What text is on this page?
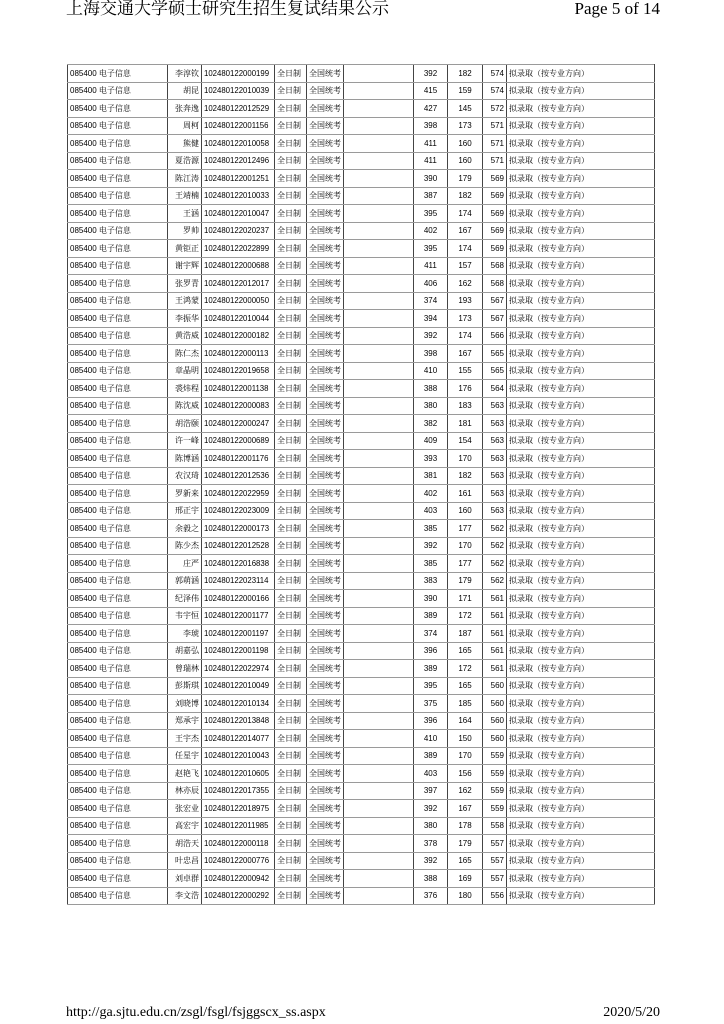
上海交通大学硕士研究生招生复试结果公示	Page 5 of 14
085400 电子信息	李淳钦	102480122000199	全日制	全国统考		392	182	574	拟录取（按专业方向）
085400 电子信息	胡昆	102480122010039	全日制	全国统考		415	159	574	拟录取（按专业方向）
085400 电子信息	张奔逸	102480122012529	全日制	全国统考		427	145	572	拟录取（按专业方向）
085400 电子信息	周柯	102480122001156	全日制	全国统考		398	173	571	拟录取（按专业方向）
085400 电子信息	熊健	102480122010058	全日制	全国统考		411	160	571	拟录取（按专业方向）
085400 电子信息	夏浩源	102480122012496	全日制	全国统考		411	160	571	拟录取（按专业方向）
085400 电子信息	陈江涛	102480122001251	全日制	全国统考		390	179	569	拟录取（按专业方向）
085400 电子信息	王靖楠	102480122010033	全日制	全国统考		387	182	569	拟录取（按专业方向）
085400 电子信息	王涵	102480122010047	全日制	全国统考		395	174	569	拟录取（按专业方向）
085400 电子信息	罗帅	102480122020237	全日制	全国统考		402	167	569	拟录取（按专业方向）
085400 电子信息	黄钜正	102480122022899	全日制	全国统考		395	174	569	拟录取（按专业方向）
085400 电子信息	谢宇辉	102480122000688	全日制	全国统考		411	157	568	拟录取（按专业方向）
085400 电子信息	张罗青	102480122012017	全日制	全国统考		406	162	568	拟录取（按专业方向）
085400 电子信息	王鸿蒙	102480122000050	全日制	全国统考		374	193	567	拟录取（按专业方向）
085400 电子信息	李振华	102480122010044	全日制	全国统考		394	173	567	拟录取（按专业方向）
085400 电子信息	黄浩威	102480122000182	全日制	全国统考		392	174	566	拟录取（按专业方向）
085400 电子信息	陈仁杰	102480122000113	全日制	全国统考		398	167	565	拟录取（按专业方向）
085400 电子信息	章晶明	102480122019658	全日制	全国统考		410	155	565	拟录取（按专业方向）
085400 电子信息	裘炜程	102480122001138	全日制	全国统考		388	176	564	拟录取（按专业方向）
085400 电子信息	陈沈威	102480122000083	全日制	全国统考		380	183	563	拟录取（按专业方向）
085400 电子信息	胡浩颐	102480122000247	全日制	全国统考		382	181	563	拟录取（按专业方向）
085400 电子信息	许一峰	102480122000689	全日制	全国统考		409	154	563	拟录取（按专业方向）
085400 电子信息	陈博涵	102480122001176	全日制	全国统考		393	170	563	拟录取（按专业方向）
085400 电子信息	农汉琦	102480122012536	全日制	全国统考		381	182	563	拟录取（按专业方向）
085400 电子信息	罗新来	102480122022959	全日制	全国统考		402	161	563	拟录取（按专业方向）
085400 电子信息	邢正宇	102480122023009	全日制	全国统考		403	160	563	拟录取（按专业方向）
085400 电子信息	余毅之	102480122000173	全日制	全国统考		385	177	562	拟录取（按专业方向）
085400 电子信息	陈少杰	102480122012528	全日制	全国统考		392	170	562	拟录取（按专业方向）
085400 电子信息	庄严	102480122016838	全日制	全国统考		385	177	562	拟录取（按专业方向）
085400 电子信息	郭萌涵	102480122023114	全日制	全国统考		383	179	562	拟录取（按专业方向）
085400 电子信息	纪泽伟	102480122000166	全日制	全国统考		390	171	561	拟录取（按专业方向）
085400 电子信息	韦宇恒	102480122001177	全日制	全国统考		389	172	561	拟录取（按专业方向）
085400 电子信息	李琥	102480122001197	全日制	全国统考		374	187	561	拟录取（按专业方向）
085400 电子信息	胡嘉弘	102480122001198	全日制	全国统考		396	165	561	拟录取（按专业方向）
085400 电子信息	曾瑞林	102480122022974	全日制	全国统考		389	172	561	拟录取（按专业方向）
085400 电子信息	彭斯琪	102480122010049	全日制	全国统考		395	165	560	拟录取（按专业方向）
085400 电子信息	刘晓博	102480122010134	全日制	全国统考		375	185	560	拟录取（按专业方向）
085400 电子信息	郑承宇	102480122013848	全日制	全国统考		396	164	560	拟录取（按专业方向）
085400 电子信息	王宇杰	102480122014077	全日制	全国统考		410	150	560	拟录取（按专业方向）
085400 电子信息	任星宇	102480122010043	全日制	全国统考		389	170	559	拟录取（按专业方向）
085400 电子信息	赵艳飞	102480122010605	全日制	全国统考		403	156	559	拟录取（按专业方向）
085400 电子信息	林亦辰	102480122017355	全日制	全国统考		397	162	559	拟录取（按专业方向）
085400 电子信息	张宏业	102480122018975	全日制	全国统考		392	167	559	拟录取（按专业方向）
085400 电子信息	高宏宇	102480122011985	全日制	全国统考		380	178	558	拟录取（按专业方向）
085400 电子信息	胡浩天	102480122000118	全日制	全国统考		378	179	557	拟录取（按专业方向）
085400 电子信息	叶忠昌	102480122000776	全日制	全国统考		392	165	557	拟录取（按专业方向）
085400 电子信息	刘卓群	102480122000942	全日制	全国统考		388	169	557	拟录取（按专业方向）
085400 电子信息	李文浩	102480122000292	全日制	全国统考		376	180	556	拟录取（按专业方向）
http://ga.sjtu.edu.cn/zsgl/fsgl/fsjggscx_ss.aspx	2020/5/20
